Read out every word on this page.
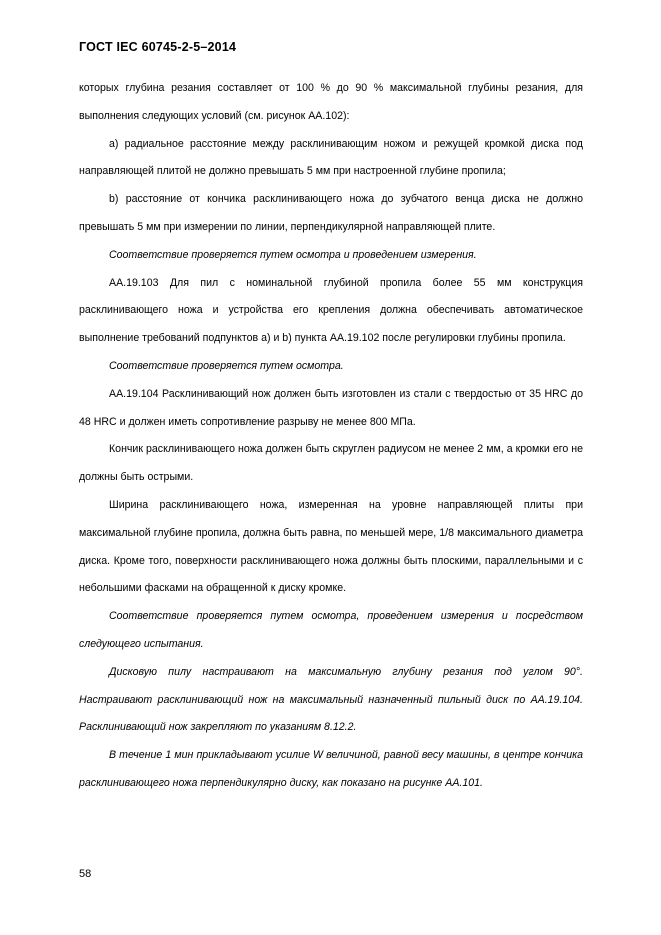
ГОСТ IEC 60745-2-5–2014

которых глубина резания составляет от 100 % до 90 % максимальной глубины резания, для выполнения следующих условий (см. рисунок АА.102):

а) радиальное расстояние между расклинивающим ножом и режущей кромкой диска под направляющей плитой не должно превышать 5 мм при настроенной глубине пропила;

b) расстояние от кончика расклинивающего ножа до зубчатого венца диска не должно превышать 5 мм при измерении по линии, перпендикулярной направляющей плите.

Соответствие проверяется путем осмотра и проведением измерения.

АА.19.103 Для пил с номинальной глубиной пропила более 55 мм конструкция расклинивающего ножа и устройства его крепления должна обеспечивать автоматическое выполнение требований подпунктов а) и b) пункта АА.19.102 после регулировки глубины пропила.

Соответствие проверяется путем осмотра.

АА.19.104 Расклинивающий нож должен быть изготовлен из стали с твердостью от 35 HRC до 48 HRC и должен иметь сопротивление разрыву не менее 800 МПа.

Кончик расклинивающего ножа должен быть скруглен радиусом не менее 2 мм, а кромки его не должны быть острыми.

Ширина расклинивающего ножа, измеренная на уровне направляющей плиты при максимальной глубине пропила, должна быть равна, по меньшей мере, 1/8 максимального диаметра диска. Кроме того, поверхности расклинивающего ножа должны быть плоскими, параллельными и с небольшими фасками на обращенной к диску кромке.

Соответствие проверяется путем осмотра, проведением измерения и посредством следующего испытания.

Дисковую пилу настраивают на максимальную глубину резания под углом 90°. Настраивают расклинивающий нож на максимальный назначенный пильный диск по АА.19.104. Расклинивающий нож закрепляют по указаниям 8.12.2.

В течение 1 мин прикладывают усилие W величиной, равной весу машины, в центре кончика расклинивающего ножа перпендикулярно диску, как показано на рисунке АА.101.

58
